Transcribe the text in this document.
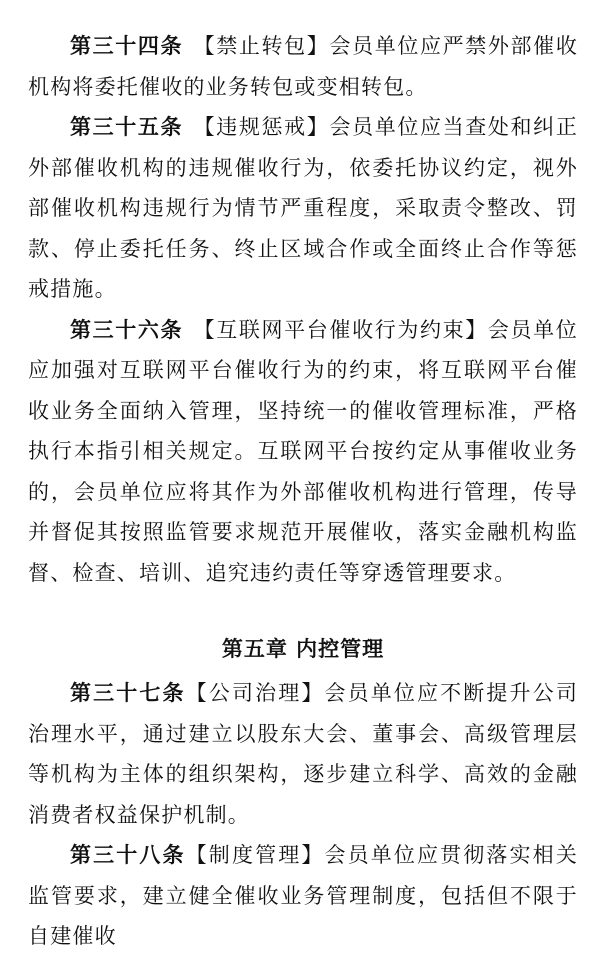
第三十四条 【禁止转包】会员单位应严禁外部催收机构将委托催收的业务转包或变相转包。

第三十五条 【违规惩戒】会员单位应当查处和纠正外部催收机构的违规催收行为，依委托协议约定，视外部催收机构违规行为情节严重程度，采取责令整改、罚款、停止委托任务、终止区域合作或全面终止合作等惩戒措施。

第三十六条 【互联网平台催收行为约束】会员单位应加强对互联网平台催收行为的约束，将互联网平台催收业务全面纳入管理，坚持统一的催收管理标准，严格执行本指引相关规定。互联网平台按约定从事催收业务的，会员单位应将其作为外部催收机构进行管理，传导并督促其按照监管要求规范开展催收，落实金融机构监督、检查、培训、追究违约责任等穿透管理要求。

第五章 内控管理

第三十七条【公司治理】会员单位应不断提升公司治理水平，通过建立以股东大会、董事会、高级管理层等机构为主体的组织架构，逐步建立科学、高效的金融消费者权益保护机制。

第三十八条【制度管理】会员单位应贯彻落实相关监管要求，建立健全催收业务管理制度，包括但不限于自建催收
